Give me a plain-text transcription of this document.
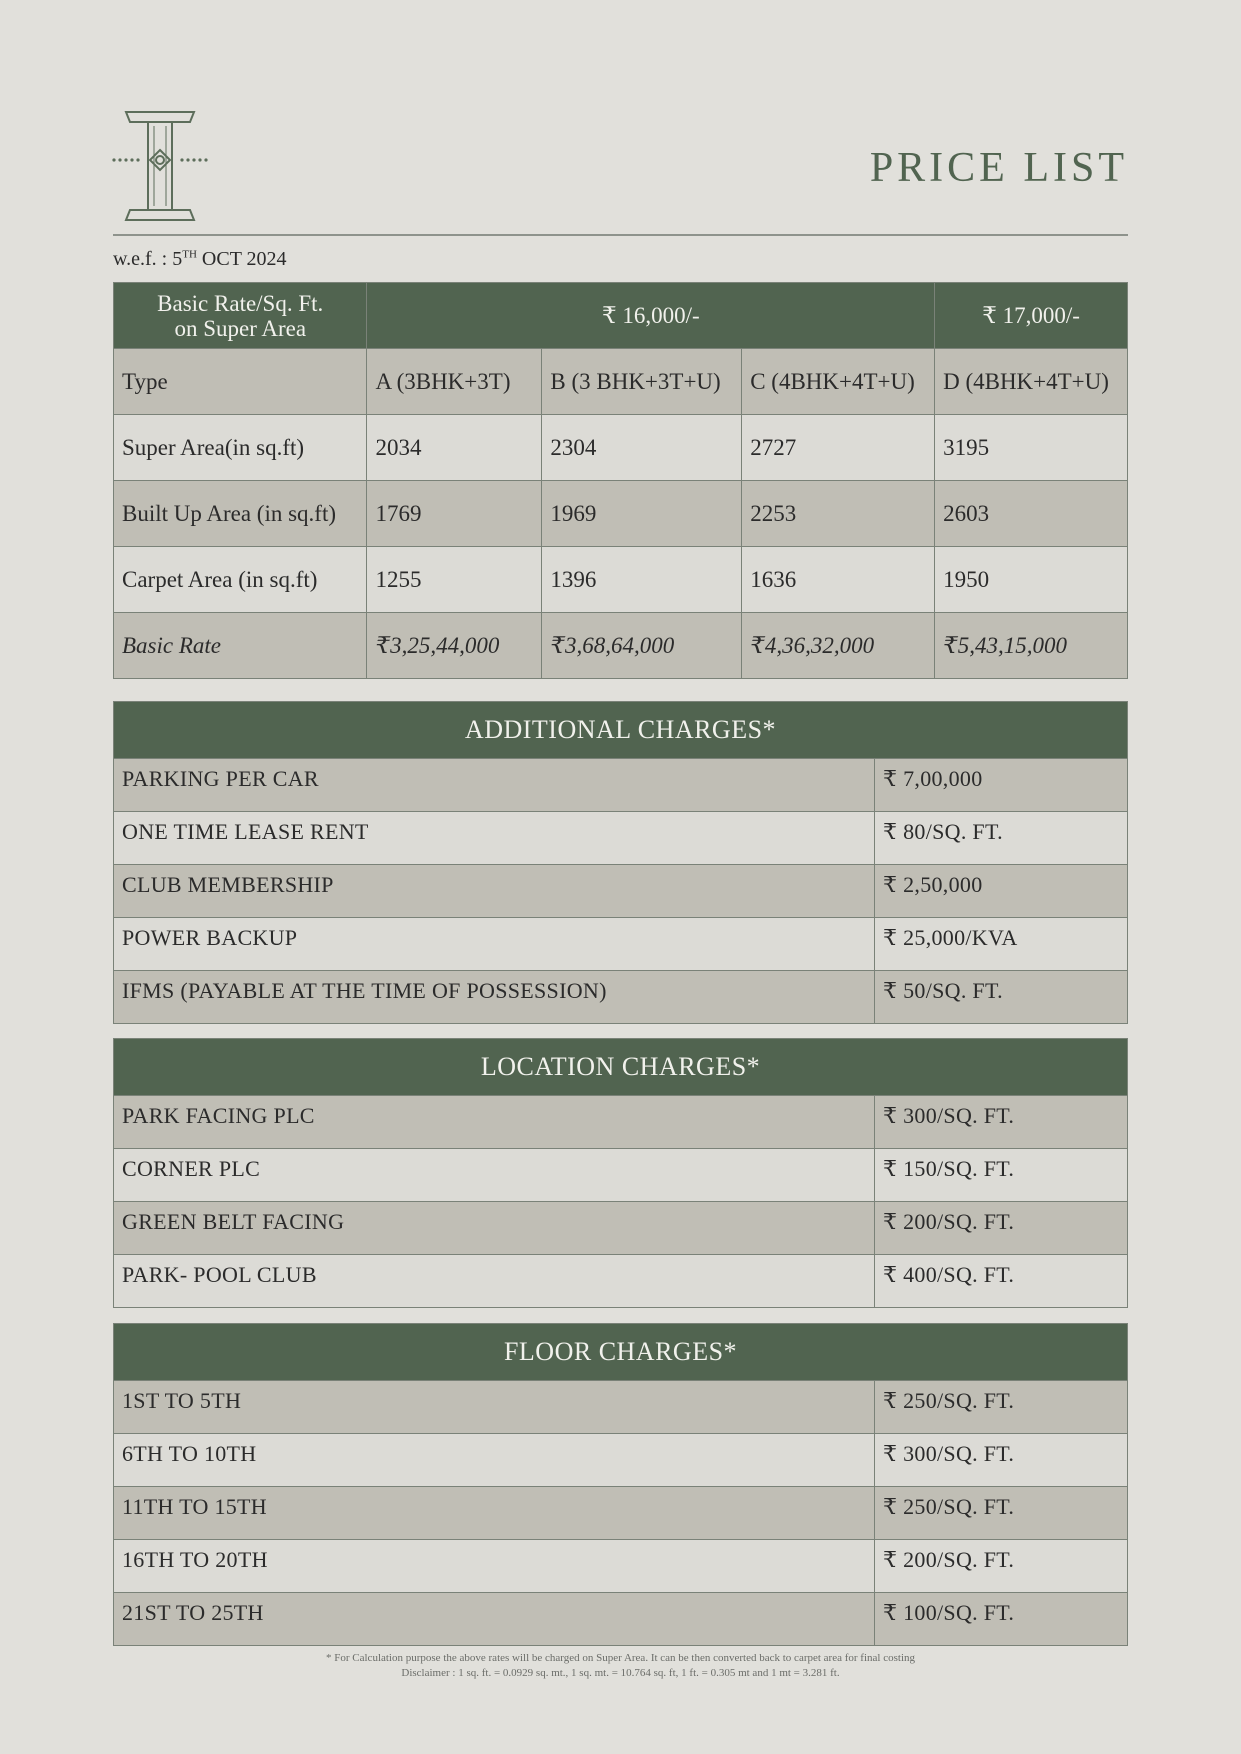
PRICE LIST
w.e.f. : 5TH OCT 2024
Basic Rate/Sq. Ft.
on Super Area	₹ 16,000/-			₹ 17,000/-
Type	A (3BHK+3T)	B (3 BHK+3T+U)	C (4BHK+4T+U)	D (4BHK+4T+U)
Super Area(in sq.ft)	2034	2304	2727	3195
Built Up Area (in sq.ft)	1769	1969	2253	2603
Carpet Area (in sq.ft)	1255	1396	1636	1950
Basic Rate	₹3,25,44,000	₹3,68,64,000	₹4,36,32,000	₹5,43,15,000
ADDITIONAL CHARGES*	
PARKING PER CAR	₹ 7,00,000
ONE TIME LEASE RENT	₹ 80/SQ. FT.
CLUB MEMBERSHIP	₹ 2,50,000
POWER BACKUP	₹ 25,000/KVA
IFMS (PAYABLE AT THE TIME OF POSSESSION)	₹ 50/SQ. FT.
LOCATION CHARGES*	
PARK FACING PLC	₹ 300/SQ. FT.
CORNER PLC	₹ 150/SQ. FT.
GREEN BELT FACING	₹ 200/SQ. FT.
PARK- POOL CLUB	₹ 400/SQ. FT.
FLOOR CHARGES*	
1ST TO 5TH	₹ 250/SQ. FT.
6TH TO 10TH	₹ 300/SQ. FT.
11TH TO 15TH	₹ 250/SQ. FT.
16TH TO 20TH	₹ 200/SQ. FT.
21ST TO 25TH	₹ 100/SQ. FT.
* For Calculation purpose the above rates will be charged on Super Area. It can be then converted back to carpet area for final costing
Disclaimer : 1 sq. ft. = 0.0929 sq. mt., 1 sq. mt. = 10.764 sq. ft, 1 ft. = 0.305 mt and 1 mt = 3.281 ft.
